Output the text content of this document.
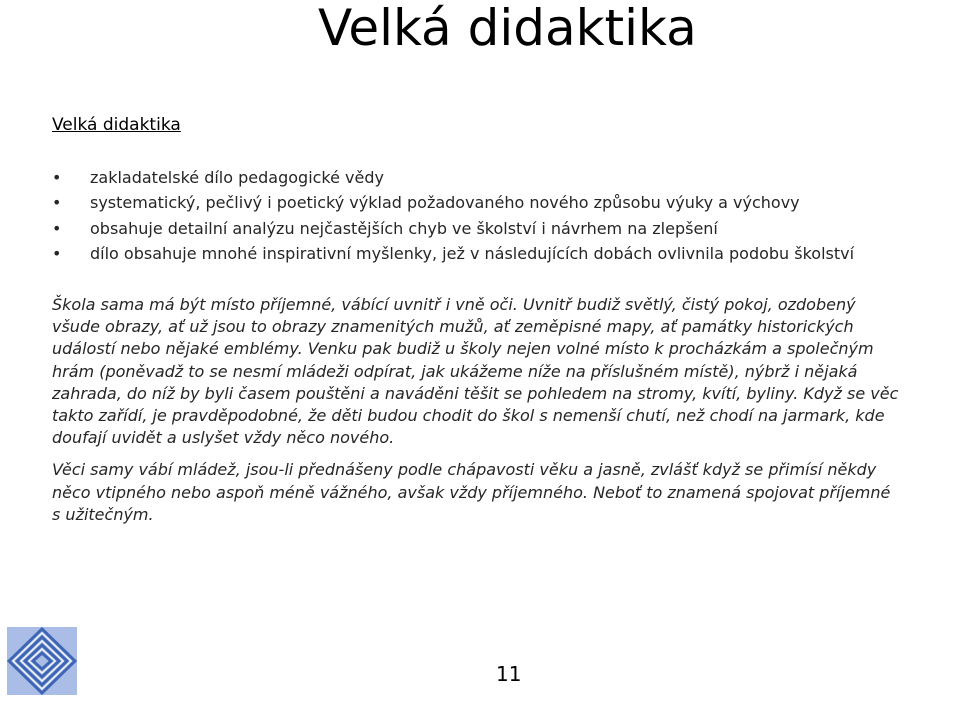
Velká didaktika
Velká didaktika
• zakladatelské dílo pedagogické vědy
• systematický, pečlivý i poetický výklad požadovaného nového způsobu výuky a výchovy
• obsahuje detailní analýzu nejčastějších chyb ve školství i návrhem na zlepšení
• dílo obsahuje mnohé inspirativní myšlenky, jež v následujících dobách ovlivnila podobu školství
Škola sama má být místo příjemné, vábící uvnitř i vně oči. Uvnitř budiž světlý, čistý pokoj, ozdobený
všude obrazy, ať už jsou to obrazy znamenitých mužů, ať zeměpisné mapy, ať památky historických
událostí nebo nějaké emblémy. Venku pak budiž u školy nejen volné místo k procházkám a společným
hrám (poněvadž to se nesmí mládeži odpírat, jak ukážeme níže na příslušném místě), nýbrž i nějaká
zahrada, do níž by byli časem pouštěni a naváděni těšit se pohledem na stromy, kvítí, byliny. Když se věc
takto zařídí, je pravděpodobné, že děti budou chodit do škol s nemenší chutí, než chodí na jarmark, kde
doufají uvidět a uslyšet vždy něco nového.
Věci samy vábí mládež, jsou-li přednášeny podle chápavosti věku a jasně, zvlášť když se přimísí někdy
něco vtipného nebo aspoň méně vážného, avšak vždy příjemného. Neboť to znamená spojovat příjemné
s užitečným.
11
